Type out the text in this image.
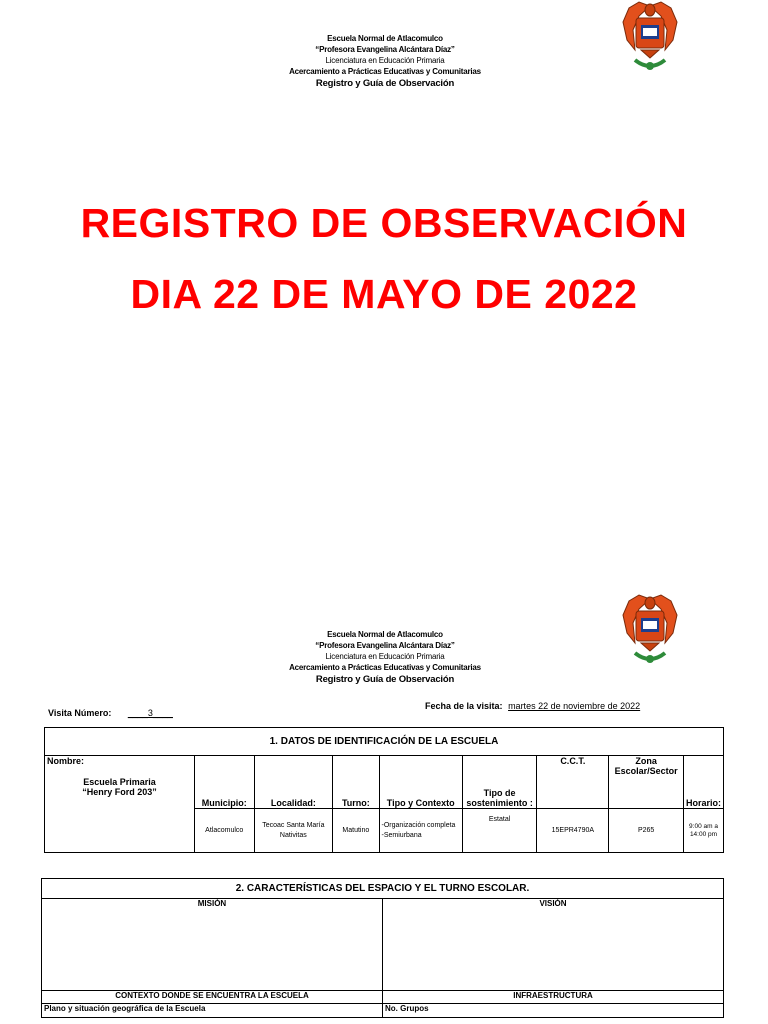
Escuela Normal de Atlacomulco
“Profesora Evangelina Alcántara Díaz”
Licenciatura en Educación Primaria
Acercamiento a Prácticas Educativas y Comunitarias
Registro y Guía de Observación
REGISTRO DE OBSERVACIÓN
DIA 22 DE MAYO DE 2022
Escuela Normal de Atlacomulco
“Profesora Evangelina Alcántara Díaz”
Licenciatura en Educación Primaria
Acercamiento a Prácticas Educativas y Comunitarias
Registro y Guía de Observación
Visita Número: ____3____
Fecha de la visita: martes 22 de noviembre de 2022
1. DATOS DE IDENTIFICACIÓN DE LA ESCUELA								

Nombre:
Escuela Primaria
“Henry Ford 203”	Municipio:	Localidad:	Turno:	Tipo y Contexto	Tipo de sostenimiento :	C.C.T.	Zona Escolar/Sector	Horario:
	Atlacomulco	Tecoac Santa María Nativitas	Matutino	-Organización completa
-Semiurbana	Estatal	15EPR4790A	P265	9:00 am a 14:00 pm
2. CARACTERÍSTICAS DEL ESPACIO Y EL TURNO ESCOLAR.	
MISIÓN	VISIÓN
CONTEXTO DONDE SE ENCUENTRA LA ESCUELA	INFRAESTRUCTURA
Plano y situación geográfica de la Escuela	No. Grupos
